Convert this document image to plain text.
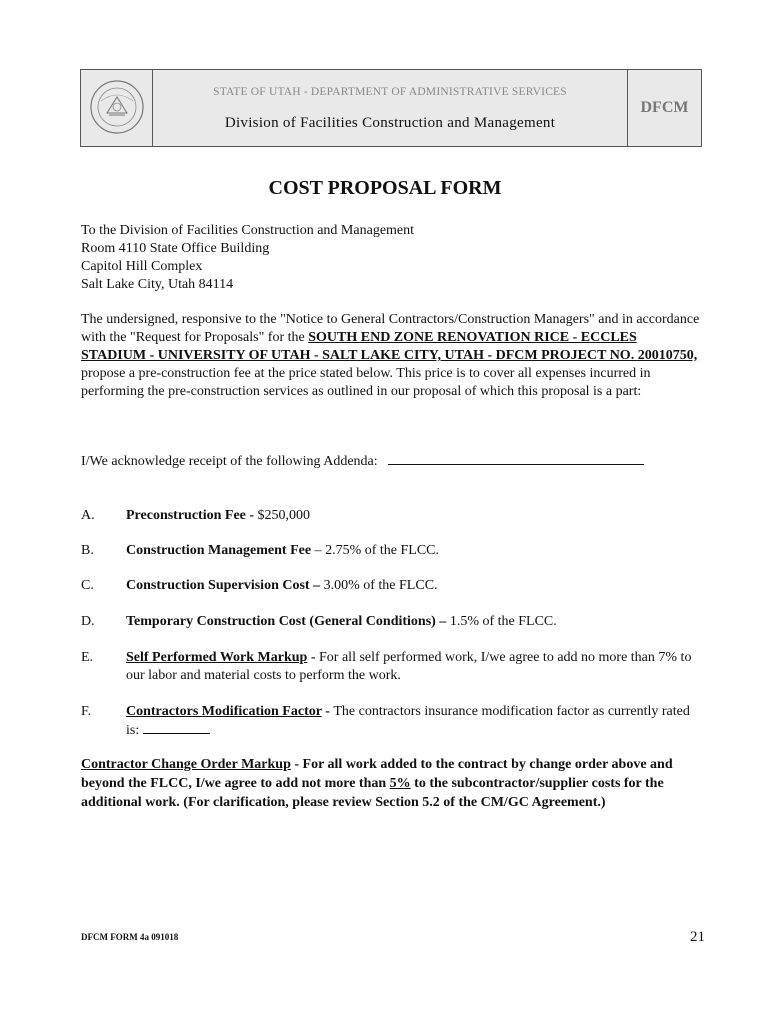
STATE OF UTAH - DEPARTMENT OF ADMINISTRATIVE SERVICES
Division of Facilities Construction and Management
DFCM
COST PROPOSAL FORM
To the Division of Facilities Construction and Management
Room 4110 State Office Building
Capitol Hill Complex
Salt Lake City, Utah 84114
The undersigned, responsive to the "Notice to General Contractors/Construction Managers" and in accordance with the "Request for Proposals" for the SOUTH END ZONE RENOVATION RICE - ECCLES STADIUM - UNIVERSITY OF UTAH - SALT LAKE CITY, UTAH - DFCM PROJECT NO. 20010750, propose a pre-construction fee at the price stated below. This price is to cover all expenses incurred in performing the pre-construction services as outlined in our proposal of which this proposal is a part:
I/We acknowledge receipt of the following Addenda:
A. Preconstruction Fee - $250,000
B. Construction Management Fee – 2.75% of the FLCC.
C. Construction Supervision Cost – 3.00% of the FLCC.
D. Temporary Construction Cost (General Conditions) – 1.5% of the FLCC.
E. Self Performed Work Markup - For all self performed work, I/we agree to add no more than 7% to our labor and material costs to perform the work.
F. Contractors Modification Factor - The contractors insurance modification factor as currently rated is:
Contractor Change Order Markup - For all work added to the contract by change order above and beyond the FLCC, I/we agree to add not more than 5% to the subcontractor/supplier costs for the additional work. (For clarification, please review Section 5.2 of the CM/GC Agreement.)
DFCM FORM 4a 091018	21
